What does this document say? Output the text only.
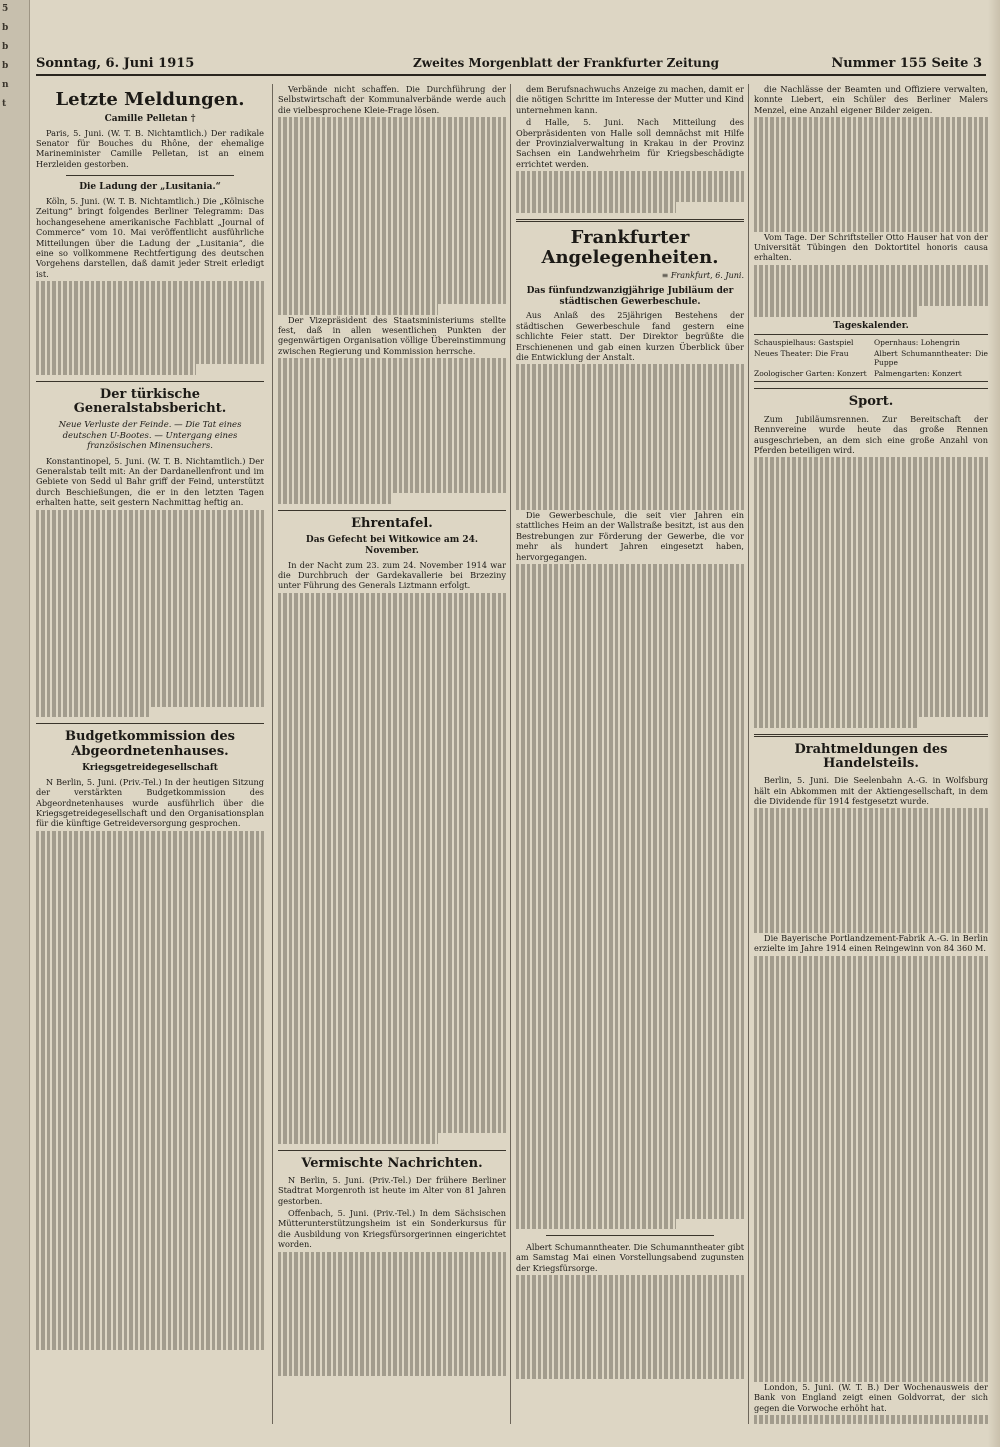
5
b
b
b
n
t
Sonntag, 6. Juni 1915	Zweites Morgenblatt der Frankfurter Zeitung	Nummer 155 Seite 3
Letzte Meldungen.
Camille Pelletan †

Paris, 5. Juni. (W. T. B. Nichtamtlich.) Der radikale Senator für Bouches du Rhône, der ehemalige Marineminister Camille Pelletan, ist an einem Herzleiden gestorben.

Die Ladung der „Lusitania.“

Köln, 5. Juni. (W. T. B. Nichtamtlich.) Die „Kölnische Zeitung“ bringt folgendes Berliner Telegramm: Das hochangesehene amerikanische Fachblatt „Journal of Commerce“ vom 10. Mai veröffentlicht ausführliche Mitteilungen über die Ladung der „Lusitania“, die eine so vollkommene Rechtfertigung des deutschen Vorgehens darstellen, daß damit jeder Streit erledigt ist.

Der türkische Generalstabsbericht.
Neue Verluste der Feinde. — Die Tat eines deutschen U-Bootes. — Untergang eines französischen Minensuchers.

Konstantinopel, 5. Juni. (W. T. B. Nichtamtlich.) Der Generalstab teilt mit: An der Dardanellenfront und im Gebiete von Sedd ul Bahr griff der Feind, unterstützt durch Beschießungen, die er in den letzten Tagen erhalten hatte, seit gestern Nachmittag heftig an.

Budgetkommission des Abgeordnetenhauses.
Kriegsgetreidegesellschaft

N Berlin, 5. Juni. (Priv.-Tel.) In der heutigen Sitzung der verstärkten Budgetkommission des Abgeordnetenhauses wurde ausführlich über die Kriegsgetreidegesellschaft und den Organisationsplan für die künftige Getreideversorgung gesprochen.

Verbände nicht schaffen. Die Durchführung der Selbstwirtschaft der Kommunalverbände werde auch die vielbesprochene Kleie-Frage lösen.

Der Vizepräsident des Staatsministeriums stellte fest, daß in allen wesentlichen Punkten der gegenwärtigen Organisation völlige Übereinstimmung zwischen Regierung und Kommission herrsche.

Ehrentafel.
Das Gefecht bei Witkowice am 24. November.

In der Nacht zum 23. zum 24. November 1914 war die Durchbruch der Gardekavallerie bei Brzeziny unter Führung des Generals Liztmann erfolgt.

Vermischte Nachrichten.

N Berlin, 5. Juni. (Priv.-Tel.) Der frühere Berliner Stadtrat Morgenroth ist heute im Alter von 81 Jahren gestorben.

Offenbach, 5. Juni. (Priv.-Tel.) In dem Sächsischen Mütterunterstützungsheim ist ein Sonderkursus für die Ausbildung von Kriegsfürsorgerinnen eingerichtet worden.

dem Berufsnachwuchs Anzeige zu machen, damit er die nötigen Schritte im Interesse der Mutter und Kind unternehmen kann.

d Halle, 5. Juni. Nach Mitteilung des Oberpräsidenten von Halle soll demnächst mit Hilfe der Provinzialverwaltung in Krakau in der Provinz Sachsen ein Landwehrheim für Kriegsbeschädigte errichtet werden.

Frankfurter Angelegenheiten.
≡ Frankfurt, 6. Juni.
Das fünfundzwanzigjährige Jubiläum der städtischen Gewerbeschule.

Aus Anlaß des 25jährigen Bestehens der städtischen Gewerbeschule fand gestern eine schlichte Feier statt. Der Direktor begrüßte die Erschienenen und gab einen kurzen Überblick über die Entwicklung der Anstalt.

Die Gewerbeschule, die seit vier Jahren ein stattliches Heim an der Wallstraße besitzt, ist aus den Bestrebungen zur Förderung der Gewerbe, die vor mehr als hundert Jahren eingesetzt haben, hervorgegangen.

Albert Schumanntheater. Die Schumanntheater gibt am Samstag Mai einen Vorstellungsabend zugunsten der Kriegsfürsorge.

die Nachlässe der Beamten und Offiziere verwalten, konnte Liebert, ein Schüler des Berliner Malers Menzel, eine Anzahl eigener Bilder zeigen.

Vom Tage. Der Schriftsteller Otto Hauser hat von der Universität Tübingen den Doktortitel honoris causa erhalten.

Tageskalender.
Schauspielhaus: Gastspiel	Opernhaus: Lohengrin
Neues Theater: Die Frau	Albert Schumanntheater: Die Puppe
Zoologischer Garten: Konzert Palmengarten: Konzert
Sport.

Zum Jubiläumsrennen. Zur Bereitschaft der Rennvereine wurde heute das große Rennen ausgeschrieben, an dem sich eine große Anzahl von Pferden beteiligen wird.

Drahtmeldungen des Handelsteils.

Berlin, 5. Juni. Die Seelenbahn A.-G. in Wolfsburg hält ein Abkommen mit der Aktiengesellschaft, in dem die Dividende für 1914 festgesetzt wurde.

Die Bayerische Portlandzement-Fabrik A.-G. in Berlin erzielte im Jahre 1914 einen Reingewinn von 84 360 M.

London, 5. Juni. (W. T. B.) Der Wochenausweis der Bank von England zeigt einen Goldvorrat, der sich gegen die Vorwoche erhöht hat.
